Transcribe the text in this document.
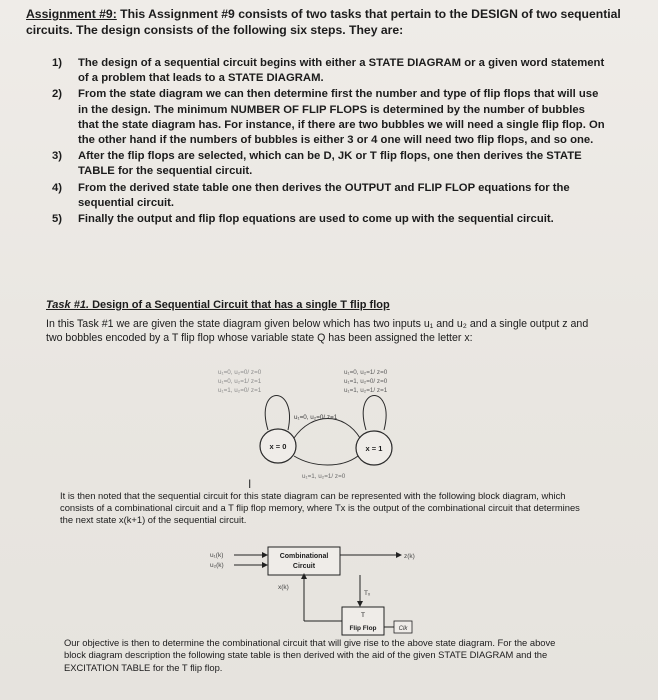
Assignment #9: This Assignment #9 consists of two tasks that pertain to the DESIGN of two sequential circuits. The design consists of the following six steps. They are:
1) The design of a sequential circuit begins with either a STATE DIAGRAM or a given word statement of a problem that leads to a STATE DIAGRAM.
2) From the state diagram we can then determine first the number and type of flip flops that will use in the design. The minimum NUMBER OF FLIP FLOPS is determined by the number of bubbles that the state diagram has. For instance, if there are two bubbles we will need a single flip flop. On the other hand if the numbers of bubbles is either 3 or 4 one will need two flip flops, and so one.
3) After the flip flops are selected, which can be D, JK or T flip flops, one then derives the STATE TABLE for the sequential circuit.
4) From the derived state table one then derives the OUTPUT and FLIP FLOP equations for the sequential circuit.
5) Finally the output and flip flop equations are used to come up with the sequential circuit.
Task #1. Design of a Sequential Circuit that has a single T flip flop
In this Task #1 we are given the state diagram given below which has two inputs u₁ and u₂ and a single output z and two bobbles encoded by a T flip flop whose variable state Q has been assigned the letter x:
u₁=0, u₂=0/ z=0
u₁=0, u₂=1/ z=1
u₁=1, u₂=0/ z=1
u₁=0, u₂=1/ z=0
u₁=1, u₂=0/ z=0
u₁=1, u₂=1/ z=1
u₁=0, u₂=0/ z=1
x = 0	x = 1
u₁=1, u₂=1/ z=0
I
It is then noted that the sequential circuit for this state diagram can be represented with the following block diagram, which consists of a combinational circuit and a T flip flop memory, where Tx is the output of the combinational circuit that determines the next state x(k+1) of the sequential circuit.
u₁(k)
u₂(k)
Combinational
Circuit
z(k)
x(k)
Tₓ
T
Flip Flop	Clk
Our objective is then to determine the combinational circuit that will give rise to the above state diagram. For the above block diagram description the following state table is then derived with the aid of the given STATE DIAGRAM and the EXCITATION TABLE for the T flip flop.
